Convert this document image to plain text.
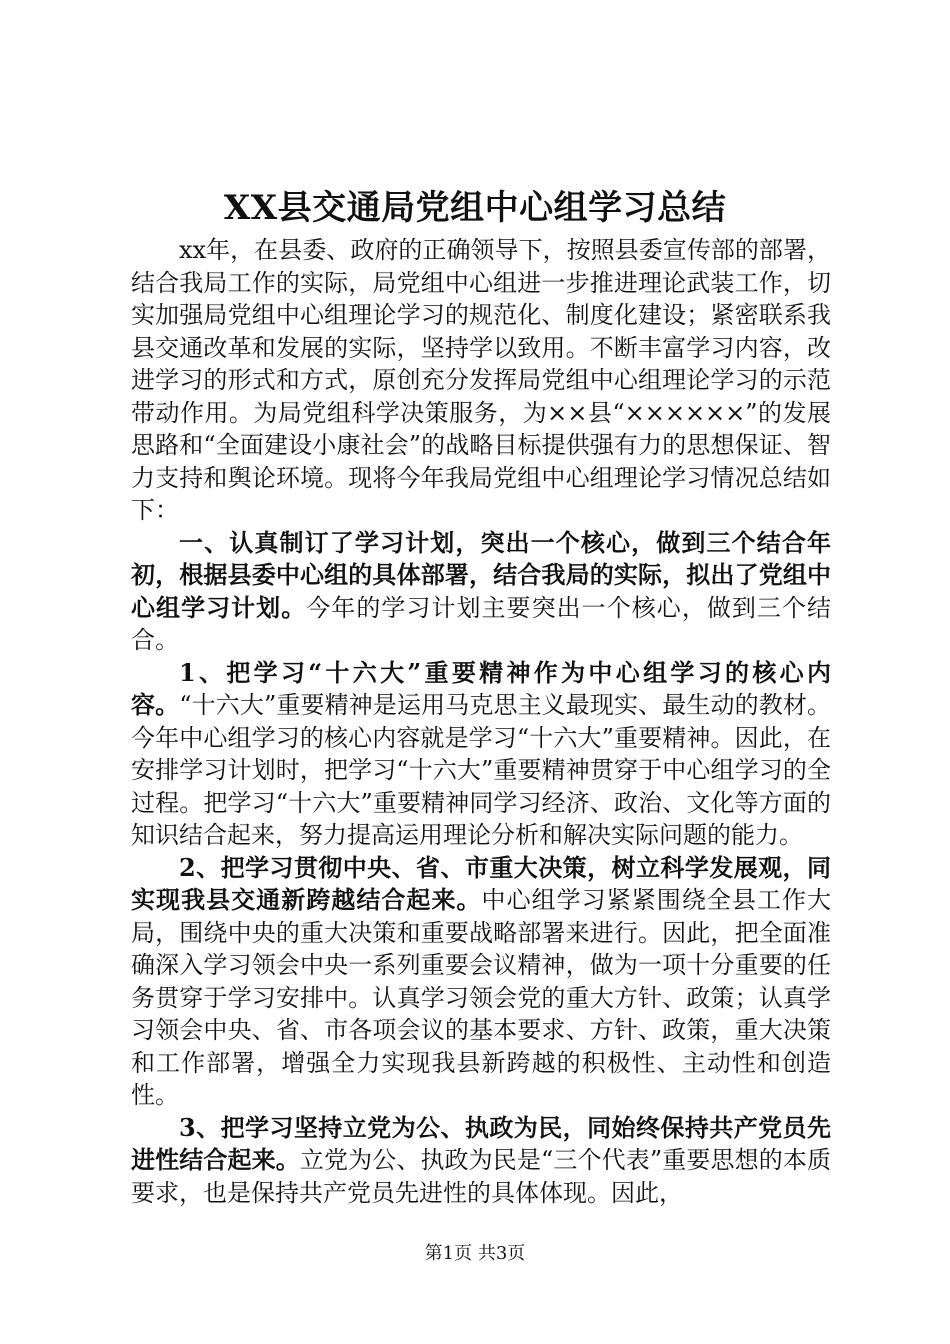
XX县交通局党组中心组学习总结

xx年，在县委、政府的正确领导下，按照县委宣传部的部署，结合我局工作的实际，局党组中心组进一步推进理论武装工作，切实加强局党组中心组理论学习的规范化、制度化建设；紧密联系我县交通改革和发展的实际，坚持学以致用。不断丰富学习内容，改进学习的形式和方式，原创充分发挥局党组中心组理论学习的示范带动作用。为局党组科学决策服务，为××县“××××××”的发展思路和“全面建设小康社会”的战略目标提供强有力的思想保证、智力支持和舆论环境。现将今年我局党组中心组理论学习情况总结如下：

一、认真制订了学习计划，突出一个核心，做到三个结合年初，根据县委中心组的具体部署，结合我局的实际，拟出了党组中心组学习计划。今年的学习计划主要突出一个核心，做到三个结合。

1、把学习“十六大”重要精神作为中心组学习的核心内容。“十六大”重要精神是运用马克思主义最现实、最生动的教材。今年中心组学习的核心内容就是学习“十六大”重要精神。因此，在安排学习计划时，把学习“十六大”重要精神贯穿于中心组学习的全过程。把学习“十六大”重要精神同学习经济、政治、文化等方面的知识结合起来，努力提高运用理论分析和解决实际问题的能力。

2、把学习贯彻中央、省、市重大决策，树立科学发展观，同实现我县交通新跨越结合起来。中心组学习紧紧围绕全县工作大局，围绕中央的重大决策和重要战略部署来进行。因此，把全面准确深入学习领会中央一系列重要会议精神，做为一项十分重要的任务贯穿于学习安排中。认真学习领会党的重大方针、政策；认真学习领会中央、省、市各项会议的基本要求、方针、政策，重大决策和工作部署，增强全力实现我县新跨越的积极性、主动性和创造性。

3、把学习坚持立党为公、执政为民，同始终保持共产党员先进性结合起来。立党为公、执政为民是“三个代表”重要思想的本质要求，也是保持共产党员先进性的具体体现。因此，

第1页 共3页
